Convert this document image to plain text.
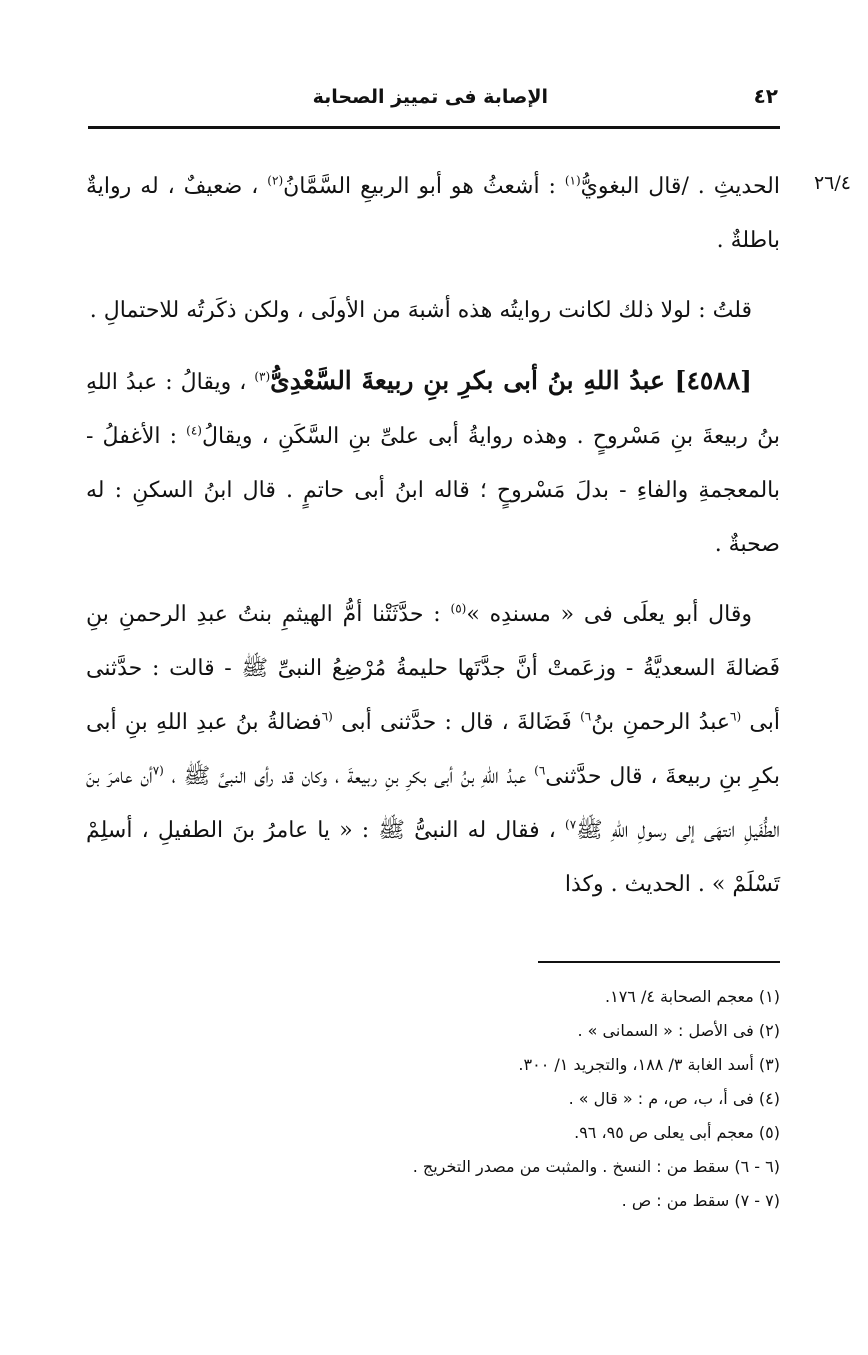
٤٢
الإصابة فى تمييز الصحابة
٢٦/٤

الحديثِ . /قال البغويُّ$^{(١)}$ : أشعثُ هو أبو الربيعِ السَّمَّانُ$^{(٢)}$ ، ضعيفٌ ، له روايةٌ باطلةٌ .

قلتُ : لولا ذلك لكانت روايتُه هذه أشبهَ من الأولَى ، ولكن ذكَرتُه للاحتمالِ .

[٤٥٨٨] عبدُ اللهِ بنُ أبى بكرِ بنِ ربيعةَ السَّعْدِىُّ$^{(٣)}$ ، ويقالُ : عبدُ اللهِ بنُ ربيعةَ بنِ مَسْروحٍ . وهذه روايةُ أبى علىِّ بنِ السَّكَنِ ، ويقالُ$^{(٤)}$ : الأغفلُ - بالمعجمةِ والفاءِ - بدلَ مَسْروحٍ ؛ قاله ابنُ أبى حاتمٍ . قال ابنُ السكنِ : له صحبةٌ .

وقال أبو يعلَى فى « مسندِه »$^{(٥)}$ : حدَّثَتْنا أمُّ الهيثمِ بنتُ عبدِ الرحمنِ بنِ فَضالةَ السعديَّةُ - وزعَمتْ أنَّ جدَّتَها حليمةُ مُرْضِعُ النبىِّ ﷺ - قالت : حدَّثنى أبى $^{(٦}$عبدُ الرحمنِ بنُ$^{٦)}$ فَضَالةَ ، قال : حدَّثنى أبى $^{(٦}$فضالةُ بنُ عبدِ اللهِ بنِ أبى بكرِ بنِ ربيعةَ ، قال حدَّثنى$^{٦)}$ عبدُ اللهِ بنُ أبى بكرِ بنِ ربيعةَ ، وكان قد رأى النبىَّ ﷺ ، $^{(٧}$أن عامرَ بنَ الطُّفَيلِ انتهَى إلى رسولِ اللهِ ﷺ$^{٧)}$ ، فقال له النبىُّ ﷺ : « يا عامرُ بنَ الطفيلِ ، أسلِمْ تَسْلَمْ » . الحديث . وكذا

(١) معجم الصحابة ٤/ ١٧٦.

(٢) فى الأصل : « السمانى » .

(٣) أسد الغابة ٣/ ١٨٨، والتجريد ١/ ٣٠٠.

(٤) فى أ، ب، ص، م : « قال » .

(٥) معجم أبى يعلى ص ٩٥، ٩٦.

(٦ - ٦) سقط من : النسخ . والمثبت من مصدر التخريج .

(٧ - ٧) سقط من : ص .
